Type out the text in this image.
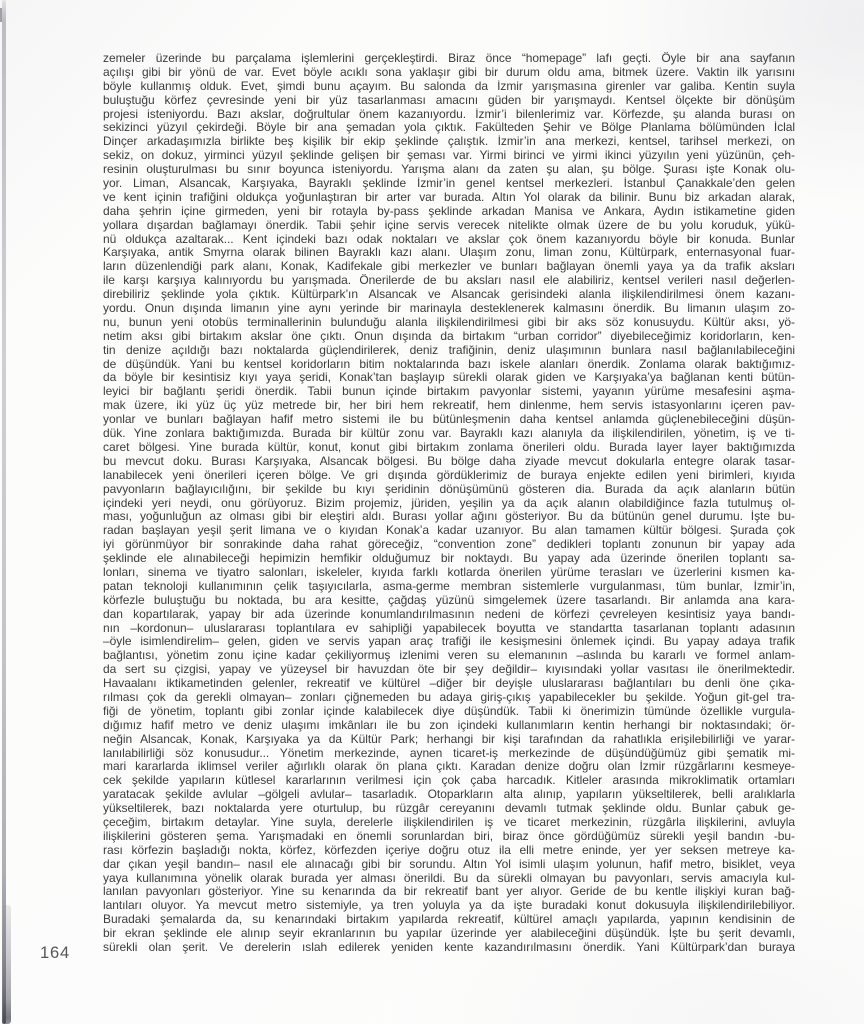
zemeler üzerinde bu parçalama işlemlerini gerçekleştirdi. Biraz önce “homepage” lafı geçti. Öyle bir ana sayfanın
açılışı gibi bir yönü de var. Evet böyle acıklı sona yaklaşır gibi bir durum oldu ama, bitmek üzere. Vaktin ilk yarısını
böyle kullanmış olduk. Evet, şimdi bunu açayım. Bu salonda da İzmir yarışmasına girenler var galiba. Kentin suyla
buluştuğu körfez çevresinde yeni bir yüz tasarlanması amacını güden bir yarışmaydı. Kentsel ölçekte bir dönüşüm
projesi isteniyordu. Bazı akslar, doğrultular önem kazanıyordu. İzmir’i bilenlerimiz var. Körfezde, şu alanda burası on
sekizinci yüzyıl çekirdeği. Böyle bir ana şemadan yola çıktık. Fakülteden Şehir ve Bölge Planlama bölümünden İclal
Dinçer arkadaşımızla birlikte beş kişilik bir ekip şeklinde çalıştık. İzmir’in ana merkezi, kentsel, tarihsel merkezi, on
sekiz, on dokuz, yirminci yüzyıl şeklinde gelişen bir şeması var. Yirmi birinci ve yirmi ikinci yüzyılın yeni yüzünün, çeh-
resinin oluşturulması bu sınır boyunca isteniyordu. Yarışma alanı da zaten şu alan, şu bölge. Şurası işte Konak olu-
yor. Liman, Alsancak, Karşıyaka, Bayraklı şeklinde İzmir’in genel kentsel merkezleri. İstanbul Çanakkale’den gelen
ve kent içinin trafiğini oldukça yoğunlaştıran bir arter var burada. Altın Yol olarak da bilinir. Bunu biz arkadan alarak,
daha şehrin içine girmeden, yeni bir rotayla by-pass şeklinde arkadan Manisa ve Ankara, Aydın istikametine giden
yollara dışardan bağlamayı önerdik. Tabii şehir içine servis verecek nitelikte olmak üzere de bu yolu koruduk, yükü-
nü oldukça azaltarak... Kent içindeki bazı odak noktaları ve akslar çok önem kazanıyordu böyle bir konuda. Bunlar
Karşıyaka, antik Smyrna olarak bilinen Bayraklı kazı alanı. Ulaşım zonu, liman zonu, Kültürpark, enternasyonal fuar-
ların düzenlendiği park alanı, Konak, Kadifekale gibi merkezler ve bunları bağlayan önemli yaya ya da trafik aksları
ile karşı karşıya kalınıyordu bu yarışmada. Önerilerde de bu aksları nasıl ele alabiliriz, kentsel verileri nasıl değerlen-
direbiliriz şeklinde yola çıktık. Kültürpark’ın Alsancak ve Alsancak gerisindeki alanla ilişkilendirilmesi önem kazanı-
yordu. Onun dışında limanın yine aynı yerinde bir marinayla desteklenerek kalmasını önerdik. Bu limanın ulaşım zo-
nu, bunun yeni otobüs terminallerinin bulunduğu alanla ilişkilendirilmesi gibi bir aks söz konusuydu. Kültür aksı, yö-
netim aksı gibi birtakım akslar öne çıktı. Onun dışında da birtakım “urban corridor” diyebileceğimiz koridorların, ken-
tin denize açıldığı bazı noktalarda güçlendirilerek, deniz trafiğinin, deniz ulaşımının bunlara nasıl bağlanılabileceğini
de düşündük. Yani bu kentsel koridorların bitim noktalarında bazı iskele alanları önerdik. Zonlama olarak baktığımız-
da böyle bir kesintisiz kıyı yaya şeridi, Konak’tan başlayıp sürekli olarak giden ve Karşıyaka’ya bağlanan kenti bütün-
leyici bir bağlantı şeridi önerdik. Tabii bunun içinde birtakım pavyonlar sistemi, yayanın yürüme mesafesini aşma-
mak üzere, iki yüz üç yüz metrede bir, her biri hem rekreatif, hem dinlenme, hem servis istasyonlarını içeren pav-
yonlar ve bunları bağlayan hafif metro sistemi ile bu bütünleşmenin daha kentsel anlamda güçlenebileceğini düşün-
dük. Yine zonlara baktığımızda. Burada bir kültür zonu var. Bayraklı kazı alanıyla da ilişkilendirilen, yönetim, iş ve ti-
caret bölgesi. Yine burada kültür, konut, konut gibi birtakım zonlama önerileri oldu. Burada layer layer baktığımızda
bu mevcut doku. Burası Karşıyaka, Alsancak bölgesi. Bu bölge daha ziyade mevcut dokularla entegre olarak tasar-
lanabilecek yeni önerileri içeren bölge. Ve gri dışında gördüklerimiz de buraya enjekte edilen yeni birimleri, kıyıda
pavyonların bağlayıcılığını, bir şekilde bu kıyı şeridinin dönüşümünü gösteren dia. Burada da açık alanların bütün
içindeki yeri neydi, onu görüyoruz. Bizim projemiz, jüriden, yeşilin ya da açık alanın olabildiğince fazla tutulmuş ol-
ması, yoğunluğun az olması gibi bir eleştiri aldı. Burası yollar ağını gösteriyor. Bu da bütünün genel durumu. İşte bu-
radan başlayan yeşil şerit limana ve o kıyıdan Konak’a kadar uzanıyor. Bu alan tamamen kültür bölgesi. Şurada çok
iyi görünmüyor bir sonrakinde daha rahat göreceğiz, “convention zone” dedikleri toplantı zonunun bir yapay ada
şeklinde ele alınabileceği hepimizin hemfikir olduğumuz bir noktaydı. Bu yapay ada üzerinde önerilen toplantı sa-
lonları, sinema ve tiyatro salonları, iskeleler, kıyıda farklı kotlarda önerilen yürüme terasları ve üzerlerini kısmen ka-
patan teknoloji kullanımının çelik taşıyıcılarla, asma-germe membran sistemlerle vurgulanması, tüm bunlar, İzmir’in,
körfezle buluştuğu bu noktada, bu ara kesitte, çağdaş yüzünü simgelemek üzere tasarlandı. Bir anlamda ana kara-
dan kopartılarak, yapay bir ada üzerinde konumlandırılmasının nedeni de körfezi çevreleyen kesintisiz yaya bandı-
nın –kordonun– uluslararası toplantılara ev sahipliği yapabilecek boyutta ve standartta tasarlanan toplantı adasının
–öyle isimlendirelim– gelen, giden ve servis yapan araç trafiği ile kesişmesini önlemek içindi. Bu yapay adaya trafik
bağlantısı, yönetim zonu içine kadar çekiliyormuş izlenimi veren su elemanının –aslında bu kararlı ve formel anlam-
da sert su çizgisi, yapay ve yüzeysel bir havuzdan öte bir şey değildir– kıyısındaki yollar vasıtası ile önerilmektedir.
Havaalanı iktikametinden gelenler, rekreatif ve kültürel –diğer bir deyişle uluslararası bağlantıları bu denli öne çıka-
rılması çok da gerekli olmayan– zonları çiğnemeden bu adaya giriş-çıkış yapabilecekler bu şekilde. Yoğun git-gel tra-
fiği de yönetim, toplantı gibi zonlar içinde kalabilecek diye düşündük. Tabii ki önerimizin tümünde özellikle vurgula-
dığımız hafif metro ve deniz ulaşımı imkânları ile bu zon içindeki kullanımların kentin herhangi bir noktasındaki; ör-
neğin Alsancak, Konak, Karşıyaka ya da Kültür Park; herhangi bir kişi tarafından da rahatlıkla erişilebilirliği ve yarar-
lanılabilirliği söz konusudur... Yönetim merkezinde, aynen ticaret-iş merkezinde de düşündüğümüz gibi şematik mi-
mari kararlarda iklimsel veriler ağırlıklı olarak ön plana çıktı. Karadan denize doğru olan İzmir rüzgârlarını kesmeye-
cek şekilde yapıların kütlesel kararlarının verilmesi için çok çaba harcadık. Kitleler arasında mikroklimatik ortamları
yaratacak şekilde avlular –gölgeli avlular– tasarladık. Otoparkların alta alınıp, yapıların yükseltilerek, belli aralıklarla
yükseltilerek, bazı noktalarda yere oturtulup, bu rüzgâr cereyanını devamlı tutmak şeklinde oldu. Bunlar çabuk ge-
çeceğim, birtakım detaylar. Yine suyla, derelerle ilişkilendirilen iş ve ticaret merkezinin, rüzgârla ilişkilerini, avluyla
ilişkilerini gösteren şema. Yarışmadaki en önemli sorunlardan biri, biraz önce gördüğümüz sürekli yeşil bandın -bu-
rası körfezin başladığı nokta, körfez, körfezden içeriye doğru otuz ila elli metre eninde, yer yer seksen metreye ka-
dar çıkan yeşil bandın– nasıl ele alınacağı gibi bir sorundu. Altın Yol isimli ulaşım yolunun, hafif metro, bisiklet, veya
yaya kullanımına yönelik olarak burada yer alması önerildi. Bu da sürekli olmayan bu pavyonları, servis amacıyla kul-
lanılan pavyonları gösteriyor. Yine su kenarında da bir rekreatif bant yer alıyor. Geride de bu kentle ilişkiyi kuran bağ-
lantıları oluyor. Ya mevcut metro sistemiyle, ya tren yoluyla ya da işte buradaki konut dokusuyla ilişkilendirilebiliyor.
Buradaki şemalarda da, su kenarındaki birtakım yapılarda rekreatif, kültürel amaçlı yapılarda, yapının kendisinin de
bir ekran şeklinde ele alınıp seyir ekranlarının bu yapılar üzerinde yer alabileceğini düşündük. İşte bu şerit devamlı,
sürekli olan şerit. Ve derelerin ıslah edilerek yeniden kente kazandırılmasını önerdik. Yani Kültürpark’dan buraya
164
